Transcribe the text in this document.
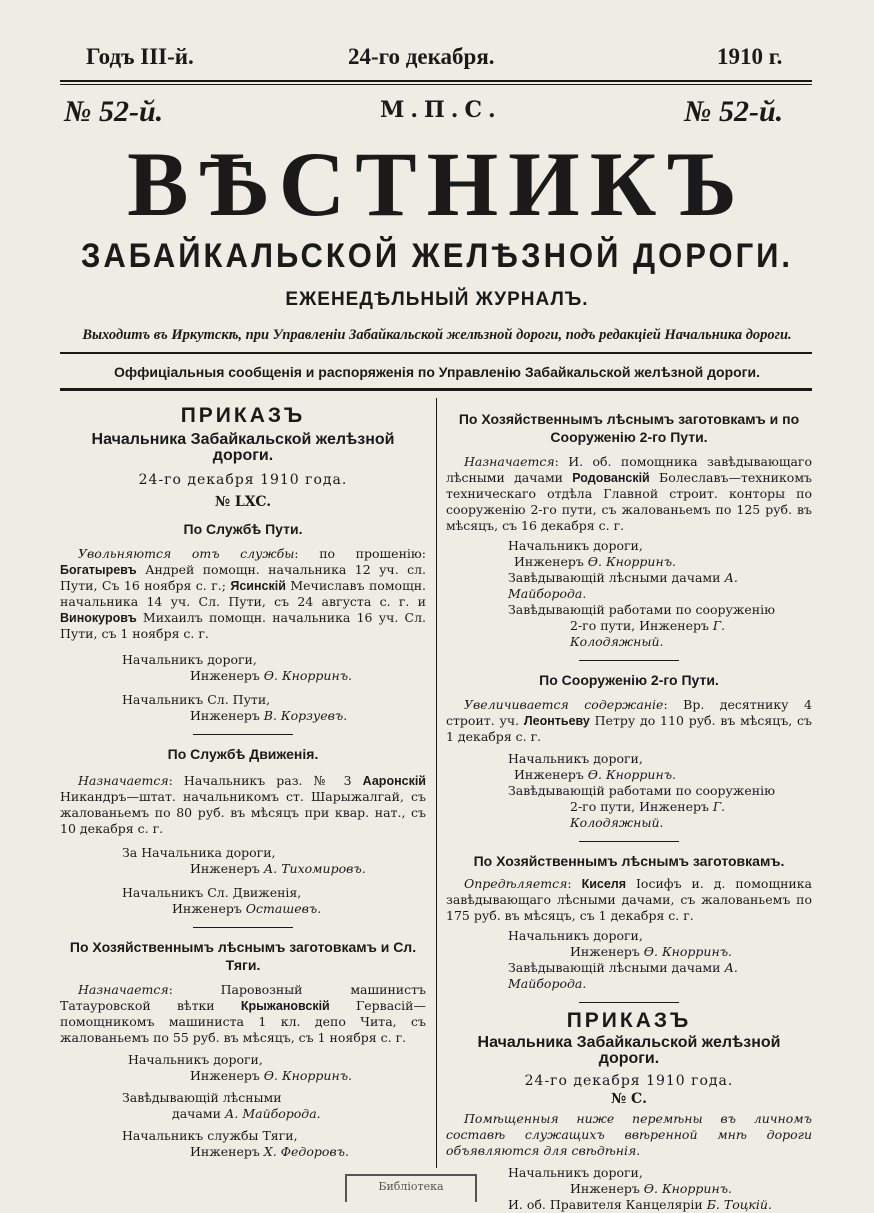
Годъ III-й.	24-го декабря.	1910 г.
№ 52-й.	№ 52-й.
М.П.С.
ВѢСТНИКЪ
ЗАБАЙКАЛЬСКОЙ ЖЕЛѢЗНОЙ ДОРОГИ.
ЕЖЕНЕДѢЛЬНЫЙ ЖУРНАЛЪ.
Выходитъ въ Иркутскѣ, при Управленіи Забайкальской желѣзной дороги, подъ редакціей Начальника дороги.
Оффиціальныя сообщенія и распоряженія по Управленію Забайкальской желѣзной дороги.
ПРИКАЗЪ
Начальника Забайкальской желѣзной дороги.
24-го декабря 1910 года.
№ LXC.
По Службѣ Пути.

Увольняются отъ службы: по прошенію: Богатыревъ Андрей помощн. начальника 12 уч. сл. Пути, Съ 16 ноября с. г.; Ясинскій Мечиславъ помощн. начальника 14 уч. Сл. Пути, съ 24 августа с. г. и Винокуровъ Михаилъ помощн. начальника 16 уч. Сл. Пути, съ 1 ноября с. г.

Начальникъ дороги,

Инженеръ Ѳ. Кнорринъ.

Начальникъ Сл. Пути,

Инженеръ В. Корзуевъ.

По Службѣ Движенія.

Назначается: Начальникъ раз. № 3 Ааронскій Никандръ—штат. начальникомъ ст. Шарыжалгай, съ жалованьемъ по 80 руб. въ мѣсяцъ при квар. нат., съ 10 декабря с. г.

За Начальника дороги,

Инженеръ А. Тихомировъ.

Начальникъ Сл. Движенія,

Инженеръ Осташевъ.

По Хозяйственнымъ лѣснымъ заготовкамъ и Сл. Тяги.

Назначается: Паровозный машинистъ Татауровской вѣтки Крыжановскій Гервасій—помощникомъ машиниста 1 кл. депо Чита, съ жалованьемъ по 55 руб. въ мѣсяцъ, съ 1 ноября с. г.

Начальникъ дороги,

Инженеръ Ѳ. Кнорринъ.

Завѣдывающій лѣсными

дачами А. Майборода.

Начальникъ службы Тяги,

Инженеръ Х. Федоровъ.

По Хозяйственнымъ лѣснымъ заготовкамъ и по Сооруженію 2-го Пути.

Назначается: И. об. помощника завѣдывающаго лѣсными дачами Родованскій Болеславъ—техникомъ техническаго отдѣла Главной строит. конторы по сооруженію 2-го пути, съ жалованьемъ по 125 руб. въ мѣсяцъ, съ 16 декабря с. г.

Начальникъ дороги,

Инженеръ Ѳ. Кнорринъ.

Завѣдывающій лѣсными дачами А. Майборода.

Завѣдывающій работами по сооруженію

2-го пути, Инженеръ Г. Колодяжный.

По Сооруженію 2-го Пути.

Увеличивается содержаніе: Вр. десятнику 4 строит. уч. Леонтьеву Петру до 110 руб. въ мѣсяцъ, съ 1 декабря с. г.

Начальникъ дороги,

Инженеръ Ѳ. Кнорринъ.

Завѣдывающій работами по сооруженію

2-го пути, Инженеръ Г. Колодяжный.

По Хозяйственнымъ лѣснымъ заготовкамъ.

Опредѣляется: Киселя Іосифъ и. д. помощника завѣдывающаго лѣсными дачами, съ жалованьемъ по 175 руб. въ мѣсяцъ, съ 1 декабря с. г.

Начальникъ дороги,

Инженеръ Ѳ. Кнорринъ.

Завѣдывающій лѣсными дачами А. Майборода.

ПРИКАЗЪ
Начальника Забайкальской желѣзной дороги.
24-го декабря 1910 года.
№ С.

Помѣщенныя ниже перемѣны въ личномъ составѣ служащихъ ввѣренной мнѣ дороги объявляются для свѣдѣнія.

Начальникъ дороги,

Инженеръ Ѳ. Кнорринъ.

И. об. Правителя Канцеляріи Б. Тоцкій.

Библіотека
